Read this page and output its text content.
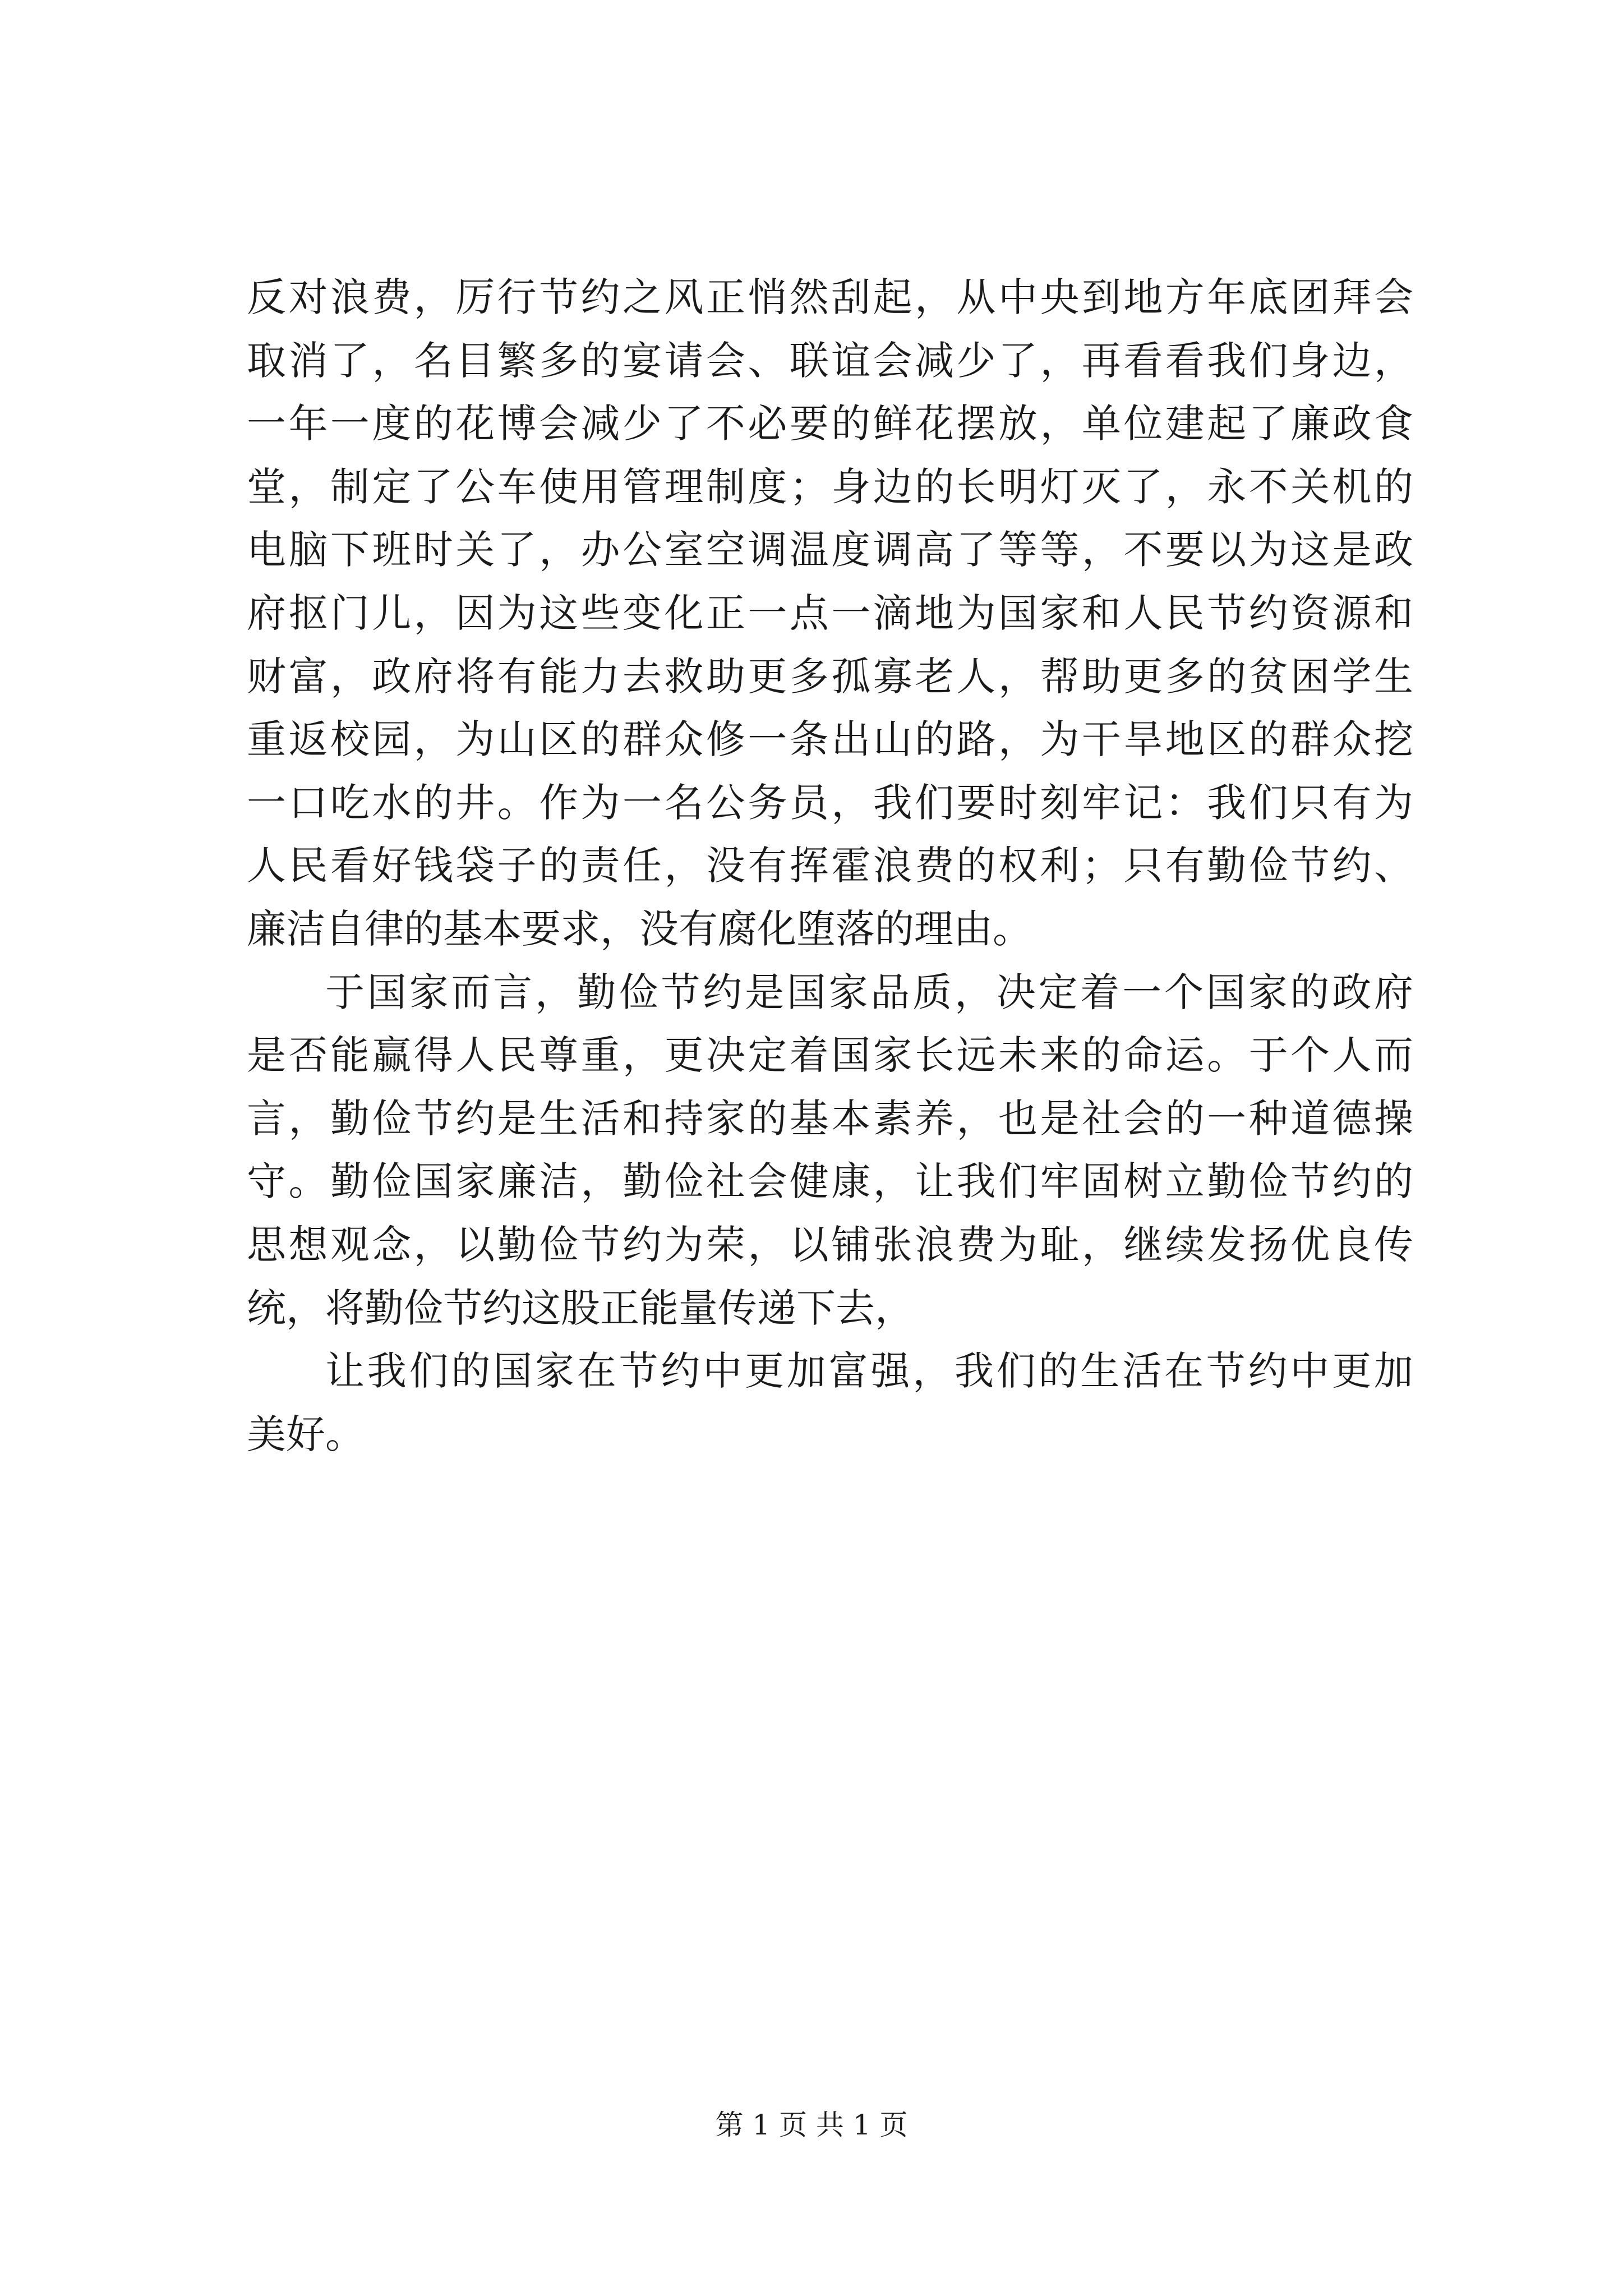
反对浪费，厉行节约之风正悄然刮起，从中央到地方年底团拜会
取消了，名目繁多的宴请会、联谊会减少了，再看看我们身边，
一年一度的花博会减少了不必要的鲜花摆放，单位建起了廉政食
堂，制定了公车使用管理制度；身边的长明灯灭了，永不关机的
电脑下班时关了，办公室空调温度调高了等等，不要以为这是政
府抠门儿，因为这些变化正一点一滴地为国家和人民节约资源和
财富，政府将有能力去救助更多孤寡老人，帮助更多的贫困学生
重返校园，为山区的群众修一条出山的路，为干旱地区的群众挖
一口吃水的井。作为一名公务员，我们要时刻牢记：我们只有为
人民看好钱袋子的责任，没有挥霍浪费的权利；只有勤俭节约、
廉洁自律的基本要求，没有腐化堕落的理由。
于国家而言，勤俭节约是国家品质，决定着一个国家的政府
是否能赢得人民尊重，更决定着国家长远未来的命运。于个人而
言，勤俭节约是生活和持家的基本素养，也是社会的一种道德操
守。勤俭国家廉洁，勤俭社会健康，让我们牢固树立勤俭节约的
思想观念，以勤俭节约为荣，以铺张浪费为耻，继续发扬优良传
统，将勤俭节约这股正能量传递下去，
让我们的国家在节约中更加富强，我们的生活在节约中更加
美好。
第 1 页 共 1 页
